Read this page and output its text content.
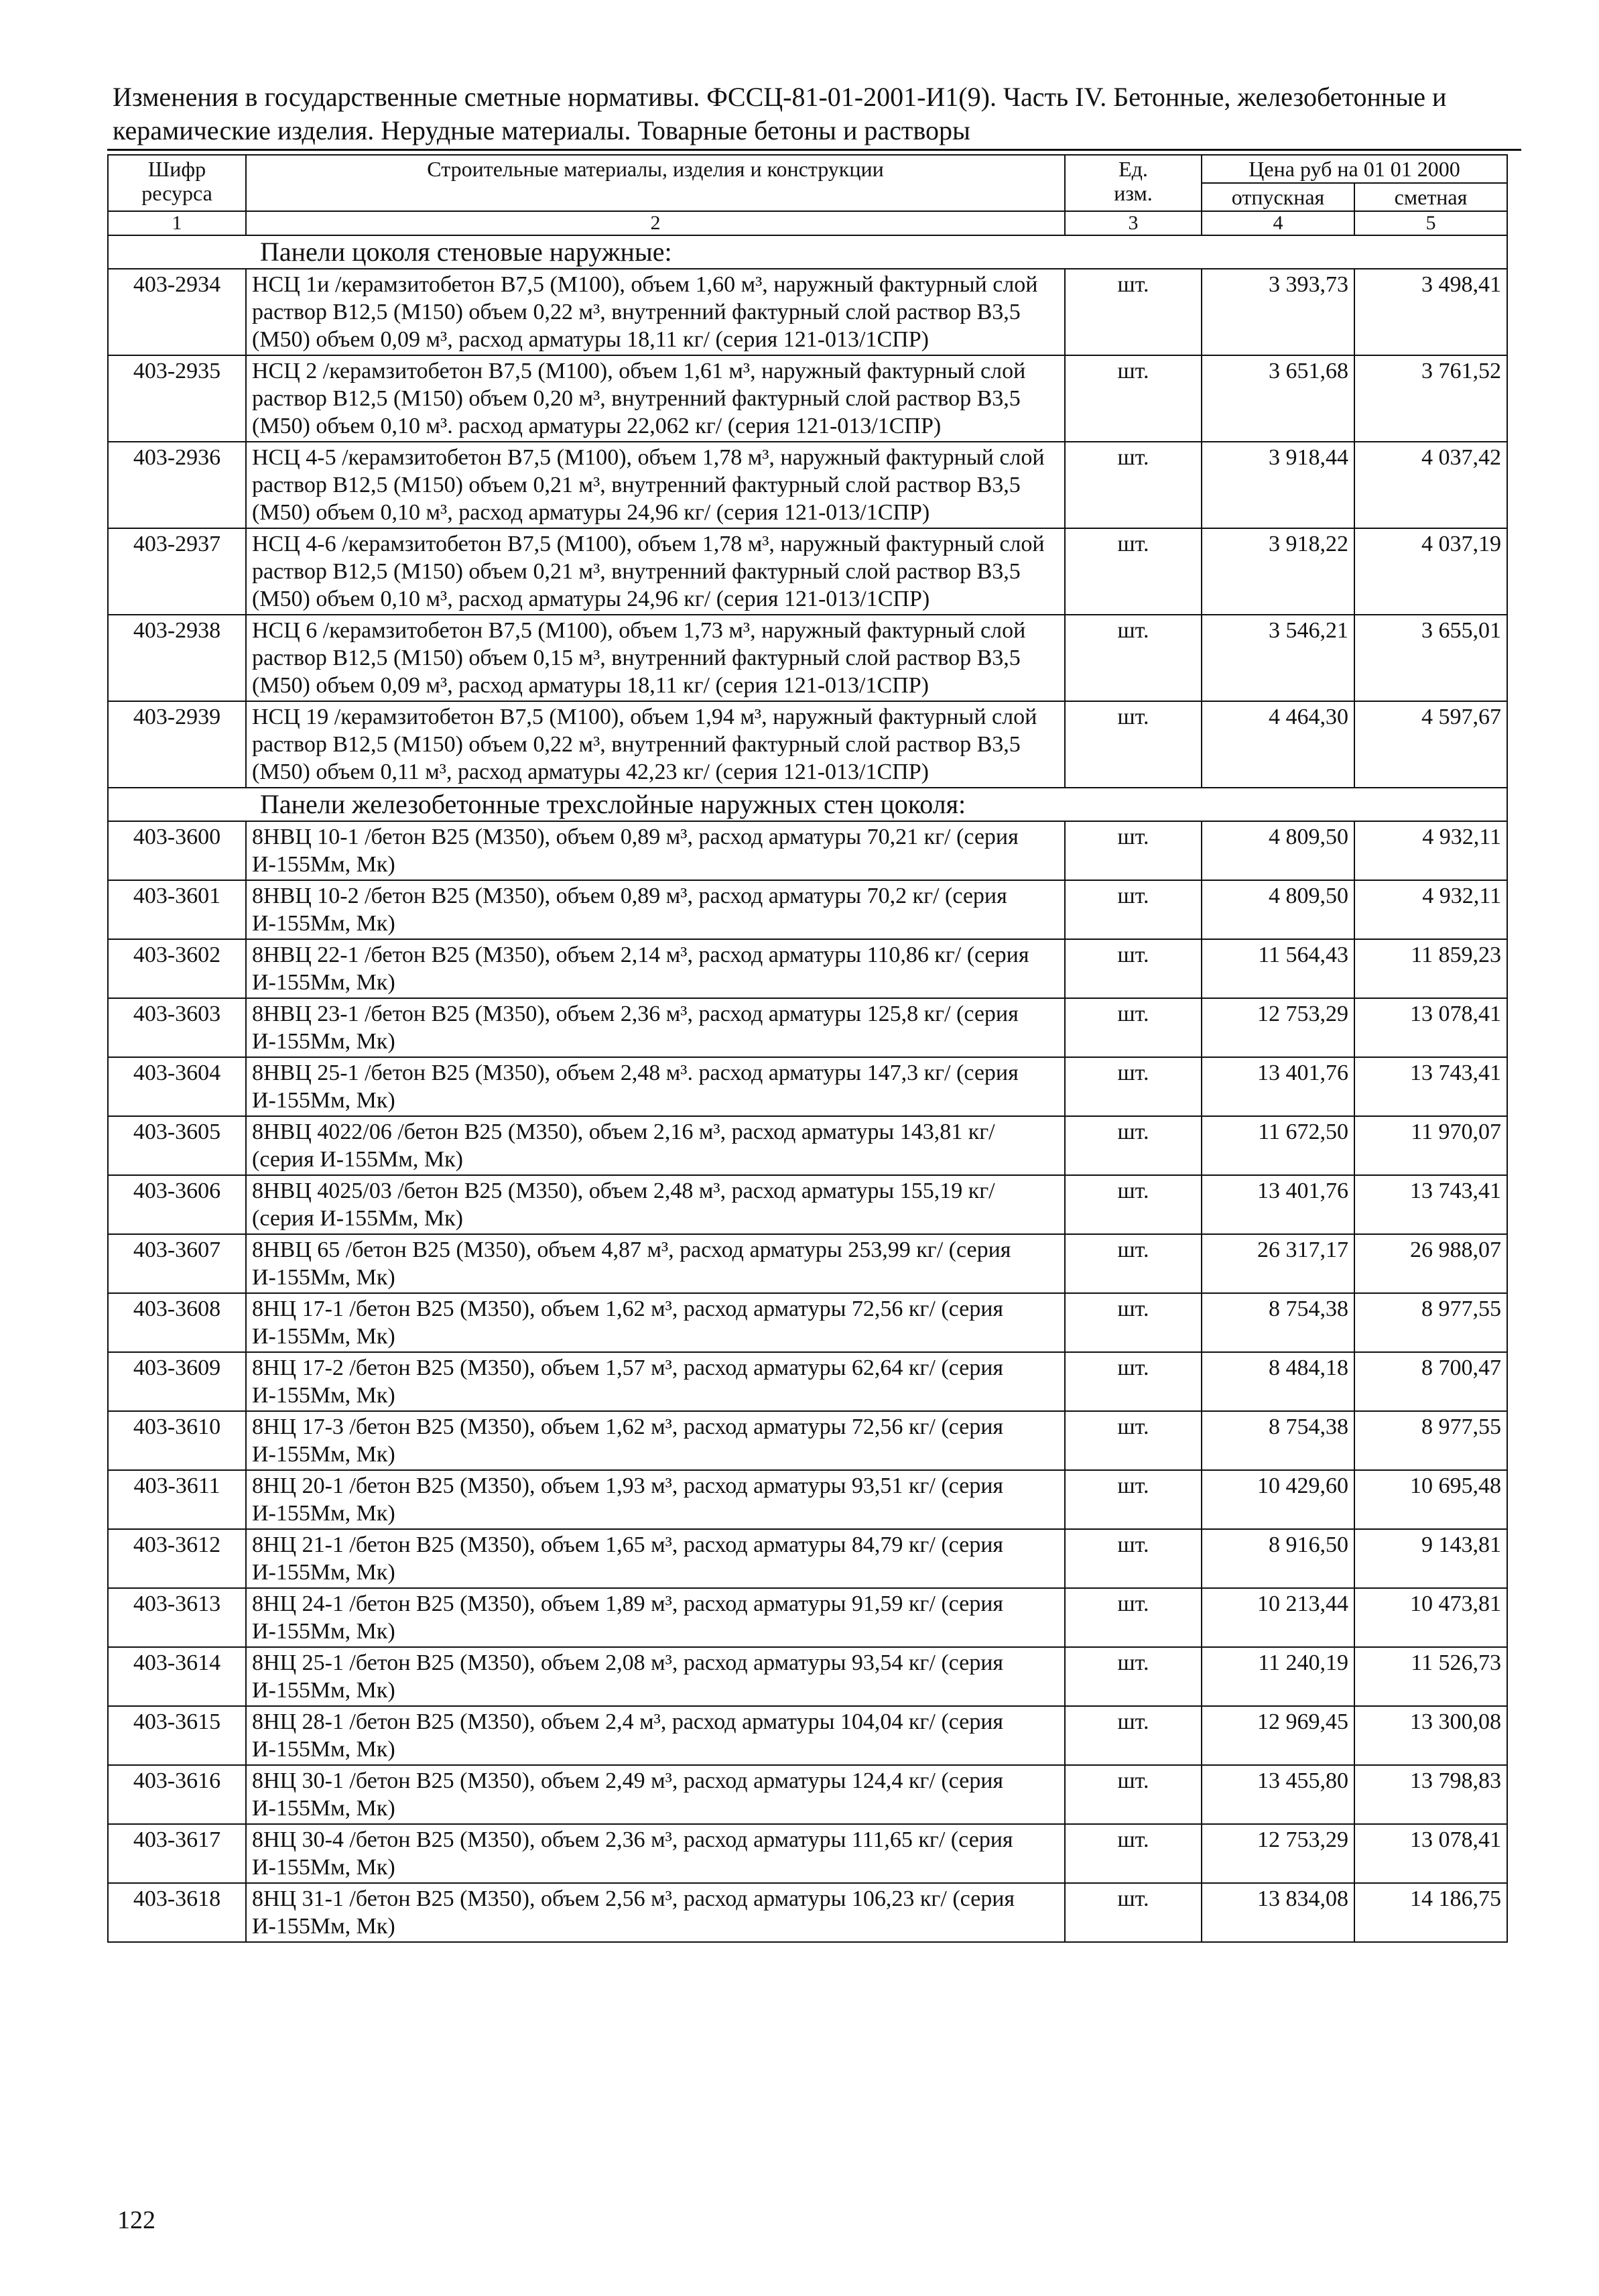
Изменения в государственные сметные нормативы. ФССЦ-81-01-2001-И1(9). Часть IV. Бетонные, железобетонные и
керамические изделия. Нерудные материалы. Товарные бетоны и растворы
Шифр
ресурса	Строительные материалы, изделия и конструкции	Ед.
изм.	Цена руб на 01 01 2000	
			отпускная	сметная
1	2	3	4	5
Панели цоколя стеновые наружные:				
403-2934	НСЦ 1и /керамзитобетон В7,5 (М100), объем 1,60 м³, наружный фактурный слой раствор В12,5 (М150) объем 0,22 м³, внутренний фактурный слой раствор В3,5 (М50) объем 0,09 м³, расход арматуры 18,11 кг/ (серия 121-013/1СПР)	шт.	3 393,73	3 498,41
403-2935	НСЦ 2 /керамзитобетон В7,5 (М100), объем 1,61 м³, наружный фактурный слой раствор В12,5 (М150) объем 0,20 м³, внутренний фактурный слой раствор В3,5 (М50) объем 0,10 м³. расход арматуры 22,062 кг/ (серия 121-013/1СПР)	шт.	3 651,68	3 761,52
403-2936	НСЦ 4-5 /керамзитобетон В7,5 (М100), объем 1,78 м³, наружный фактурный слой раствор В12,5 (М150) объем 0,21 м³, внутренний фактурный слой раствор В3,5 (М50) объем 0,10 м³, расход арматуры 24,96 кг/ (серия 121-013/1СПР)	шт.	3 918,44	4 037,42
403-2937	НСЦ 4-6 /керамзитобетон В7,5 (М100), объем 1,78 м³, наружный фактурный слой раствор В12,5 (М150) объем 0,21 м³, внутренний фактурный слой раствор В3,5 (М50) объем 0,10 м³, расход арматуры 24,96 кг/ (серия 121-013/1СПР)	шт.	3 918,22	4 037,19
403-2938	НСЦ 6 /керамзитобетон В7,5 (М100), объем 1,73 м³, наружный фактурный слой раствор В12,5 (М150) объем 0,15 м³, внутренний фактурный слой раствор В3,5 (М50) объем 0,09 м³, расход арматуры 18,11 кг/ (серия 121-013/1СПР)	шт.	3 546,21	3 655,01
403-2939	НСЦ 19 /керамзитобетон В7,5 (М100), объем 1,94 м³, наружный фактурный слой раствор В12,5 (М150) объем 0,22 м³, внутренний фактурный слой раствор В3,5 (М50) объем 0,11 м³, расход арматуры 42,23 кг/ (серия 121-013/1СПР)	шт.	4 464,30	4 597,67
Панели железобетонные трехслойные наружных стен цоколя:				
403-3600	8НВЦ 10-1 /бетон В25 (М350), объем 0,89 м³, расход арматуры 70,21 кг/ (серия И-155Мм, Мк)	шт.	4 809,50	4 932,11
403-3601	8НВЦ 10-2 /бетон В25 (М350), объем 0,89 м³, расход арматуры 70,2 кг/ (серия И-155Мм, Мк)	шт.	4 809,50	4 932,11
403-3602	8НВЦ 22-1 /бетон В25 (М350), объем 2,14 м³, расход арматуры 110,86 кг/ (серия И-155Мм, Мк)	шт.	11 564,43	11 859,23
403-3603	8НВЦ 23-1 /бетон В25 (М350), объем 2,36 м³, расход арматуры 125,8 кг/ (серия И-155Мм, Мк)	шт.	12 753,29	13 078,41
403-3604	8НВЦ 25-1 /бетон В25 (М350), объем 2,48 м³. расход арматуры 147,3 кг/ (серия И-155Мм, Мк)	шт.	13 401,76	13 743,41
403-3605	8НВЦ 4022/06 /бетон В25 (М350), объем 2,16 м³, расход арматуры 143,81 кг/ (серия И-155Мм, Мк)	шт.	11 672,50	11 970,07
403-3606	8НВЦ 4025/03 /бетон В25 (М350), объем 2,48 м³, расход арматуры 155,19 кг/ (серия И-155Мм, Мк)	шт.	13 401,76	13 743,41
403-3607	8НВЦ 65 /бетон В25 (М350), объем 4,87 м³, расход арматуры 253,99 кг/ (серия И-155Мм, Мк)	шт.	26 317,17	26 988,07
403-3608	8НЦ 17-1 /бетон В25 (М350), объем 1,62 м³, расход арматуры 72,56 кг/ (серия И-155Мм, Мк)	шт.	8 754,38	8 977,55
403-3609	8НЦ 17-2 /бетон В25 (М350), объем 1,57 м³, расход арматуры 62,64 кг/ (серия И-155Мм, Мк)	шт.	8 484,18	8 700,47
403-3610	8НЦ 17-3 /бетон В25 (М350), объем 1,62 м³, расход арматуры 72,56 кг/ (серия И-155Мм, Мк)	шт.	8 754,38	8 977,55
403-3611	8НЦ 20-1 /бетон В25 (М350), объем 1,93 м³, расход арматуры 93,51 кг/ (серия И-155Мм, Мк)	шт.	10 429,60	10 695,48
403-3612	8НЦ 21-1 /бетон В25 (М350), объем 1,65 м³, расход арматуры 84,79 кг/ (серия И-155Мм, Мк)	шт.	8 916,50	9 143,81
403-3613	8НЦ 24-1 /бетон В25 (М350), объем 1,89 м³, расход арматуры 91,59 кг/ (серия И-155Мм, Мк)	шт.	10 213,44	10 473,81
403-3614	8НЦ 25-1 /бетон В25 (М350), объем 2,08 м³, расход арматуры 93,54 кг/ (серия И-155Мм, Мк)	шт.	11 240,19	11 526,73
403-3615	8НЦ 28-1 /бетон В25 (М350), объем 2,4 м³, расход арматуры 104,04 кг/ (серия И-155Мм, Мк)	шт.	12 969,45	13 300,08
403-3616	8НЦ 30-1 /бетон В25 (М350), объем 2,49 м³, расход арматуры 124,4 кг/ (серия И-155Мм, Мк)	шт.	13 455,80	13 798,83
403-3617	8НЦ 30-4 /бетон В25 (М350), объем 2,36 м³, расход арматуры 111,65 кг/ (серия И-155Мм, Мк)	шт.	12 753,29	13 078,41
403-3618	8НЦ 31-1 /бетон В25 (М350), объем 2,56 м³, расход арматуры 106,23 кг/ (серия И-155Мм, Мк)	шт.	13 834,08	14 186,75
122
